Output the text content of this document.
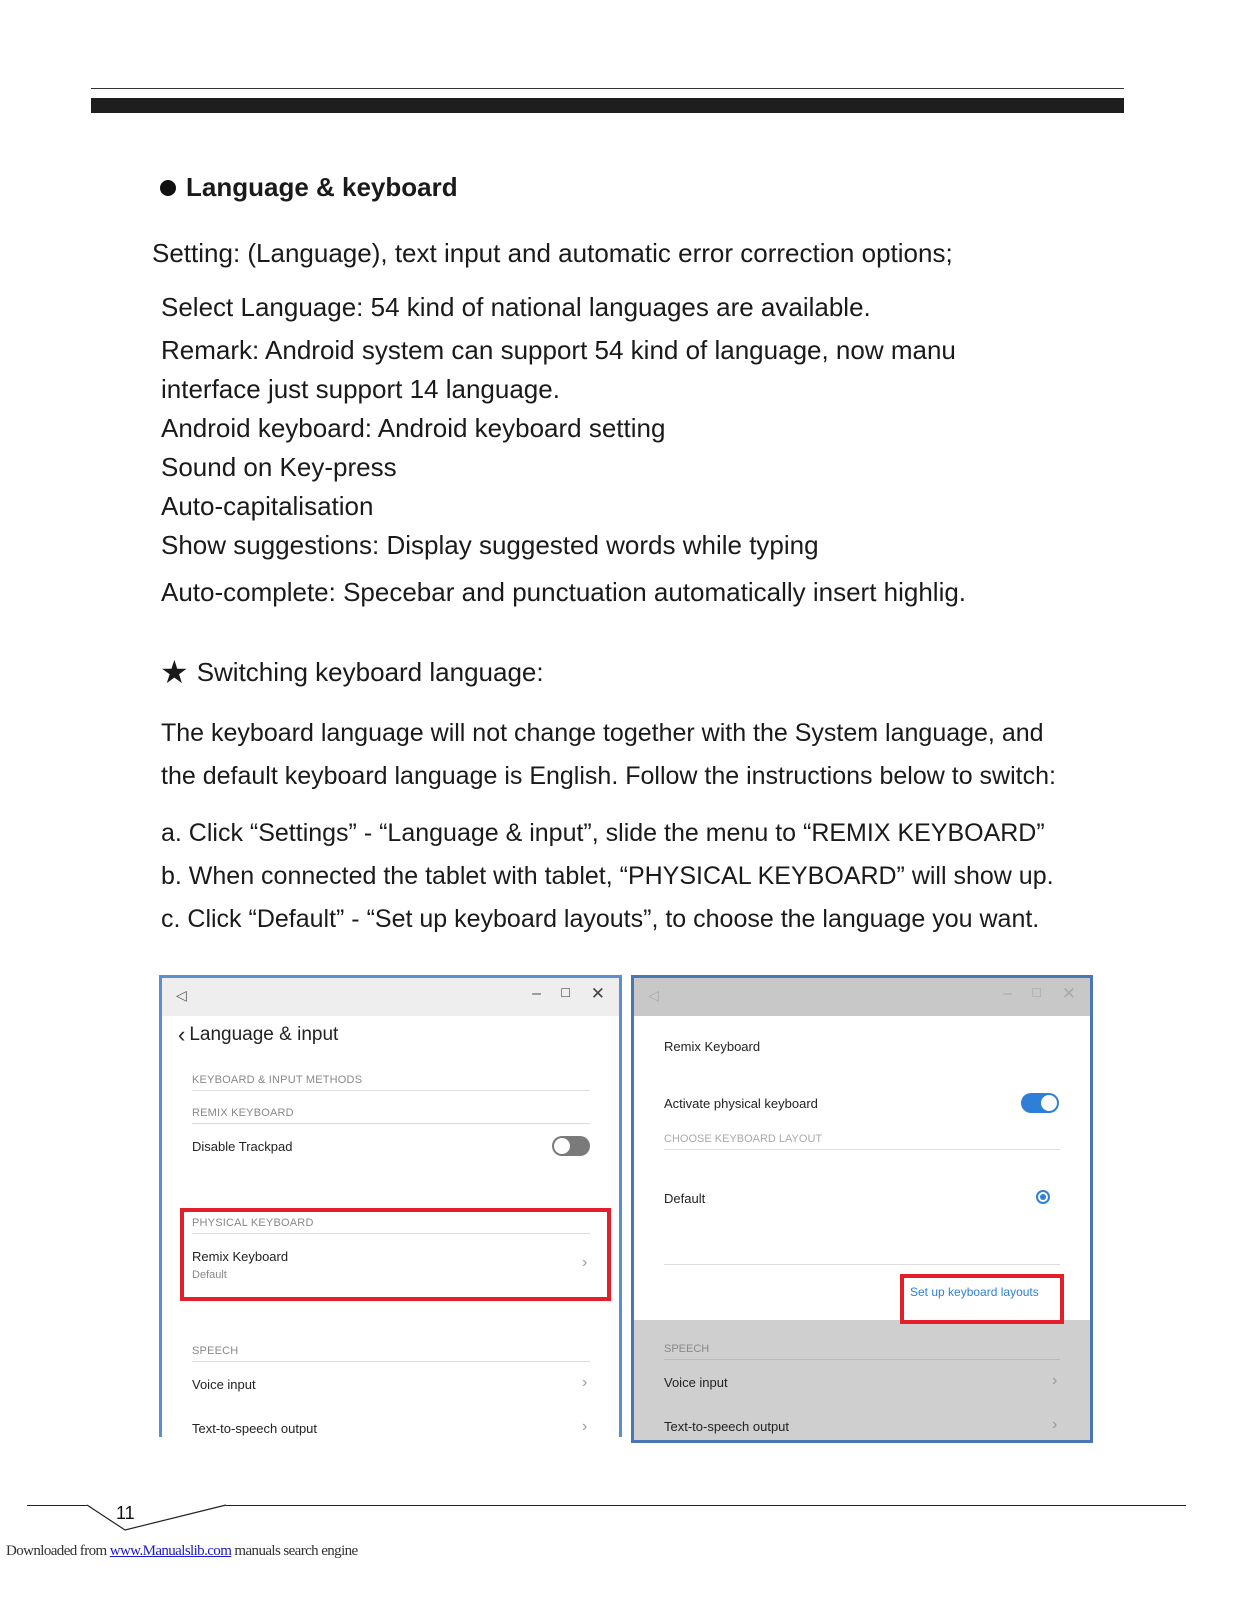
Language & keyboard
Setting: (Language), text input and automatic error correction options;
Select Language: 54 kind of national languages are available.
Remark: Android system can support 54 kind of language, now manu
interface just support 14 language.
Android keyboard: Android keyboard setting
Sound on Key-press
Auto-capitalisation
Show suggestions: Display suggested words while typing
Auto-complete: Specebar and punctuation automatically insert highlig.
★ Switching keyboard language:
The keyboard language will not change together with the System language, and
the default keyboard language is English. Follow the instructions below to switch:
a. Click “Settings” - “Language & input”, slide the menu to “REMIX KEYBOARD”
b. When connected the tablet with tablet, “PHYSICAL KEYBOARD” will show up.
c. Click “Default” - “Set up keyboard layouts”, to choose the language you want.
◁	– ☐ ✕
‹ Language & input
KEYBOARD & INPUT METHODS
REMIX KEYBOARD
Disable Trackpad
PHYSICAL KEYBOARD
Remix Keyboard
Default
›
SPEECH
Voice input	›
Text-to-speech output	›
◁	– ☐ ✕
Remix Keyboard
Activate physical keyboard
CHOOSE KEYBOARD LAYOUT
Default
Set up keyboard layouts
SPEECH
Voice input	›
Text-to-speech output	›
11
Downloaded from www.Manualslib.com manuals search engine
